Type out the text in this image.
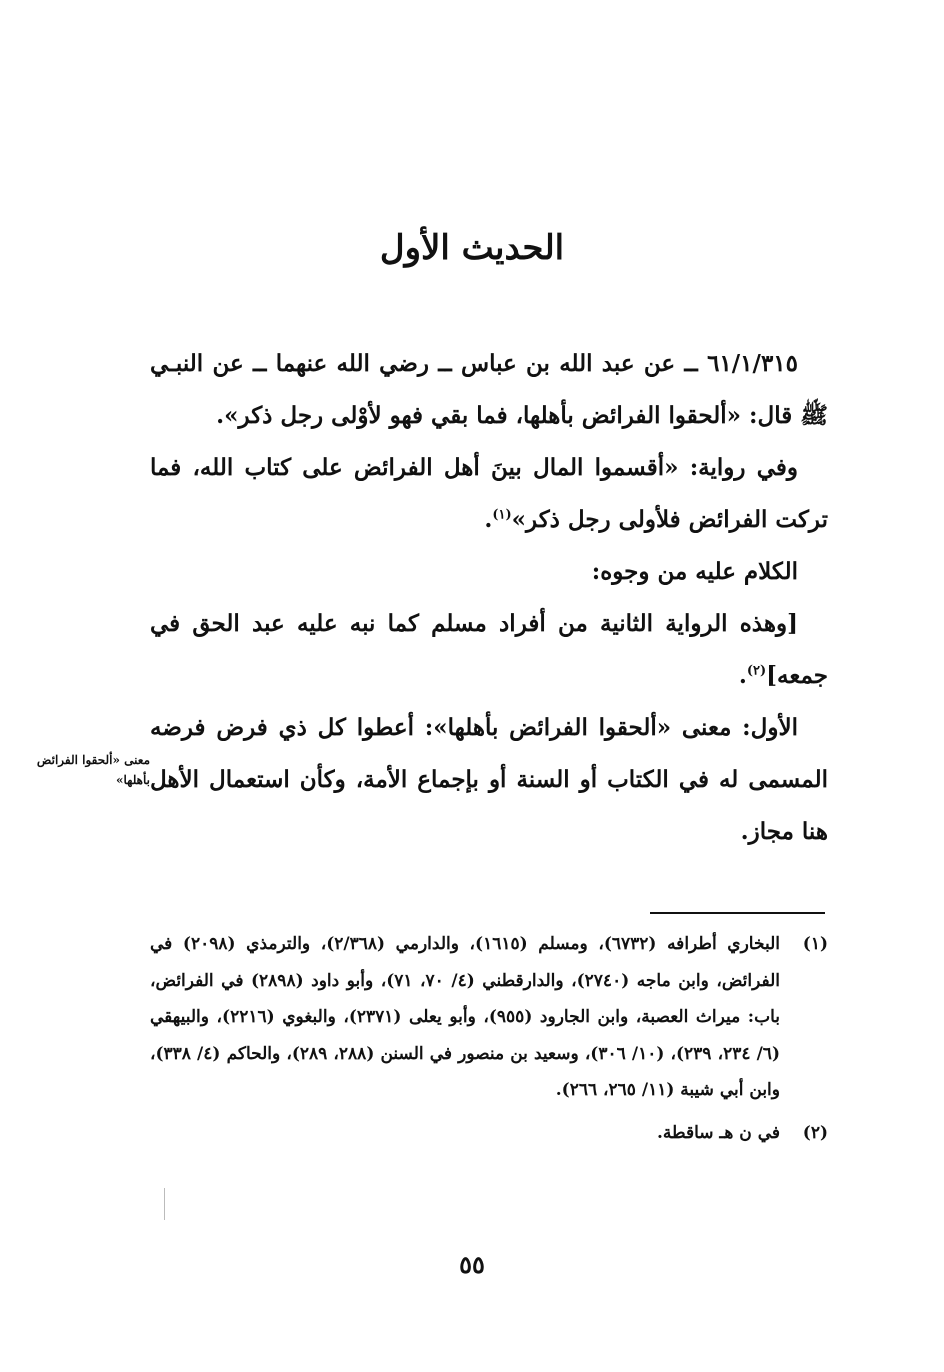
الحديث الأول

٦١/١/٣١٥ ــ عن عبد الله بن عباس ــ رضي الله عنهما ــ عن النبـي ﷺ قال: «ألحقوا الفرائض بأهلها، فما بقي فهو لأوْلى رجل ذكر».

وفي رواية: «أقسموا المال بينَ أهل الفرائض على كتاب الله، فما تركت الفرائض فلأولى رجل ذكر»$^{(١)}$.

الكلام عليه من وجوه:

[وهذه الرواية الثانية من أفراد مسلم كما نبه عليه عبد الحق في جمعه]$^{(٢)}$.

الأول: معنى «ألحقوا الفرائض بأهلها»: أعطوا كل ذي فرض فرضه المسمى له في الكتاب أو السنة أو بإجماع الأمة، وكأن استعمال الأهل هنا مجاز.

معنى «ألحقوا الفرائض بأهلها»
(١)
البخاري أطرافه (٦٧٣٢)، ومسلم (١٦١٥)، والدارمي (٢/٣٦٨)، والترمذي (٢٠٩٨) في الفرائض، وابن ماجه (٢٧٤٠)، والدارقطني (٤/ ٧٠، ٧١)، وأبو داود (٢٨٩٨) في الفرائض، باب: ميراث العصبة، وابن الجارود (٩٥٥)، وأبو يعلى (٢٣٧١)، والبغوي (٢٢١٦)، والبيهقي (٦/ ٢٣٤، ٢٣٩)، (١٠/ ٣٠٦)، وسعيد بن منصور في السنن (٢٨٨، ٢٨٩)، والحاكم (٤/ ٣٣٨)، وابن أبي شيبة (١١/ ٢٦٥، ٢٦٦).
(٢)
في ن هـ ساقطة.
٥٥
